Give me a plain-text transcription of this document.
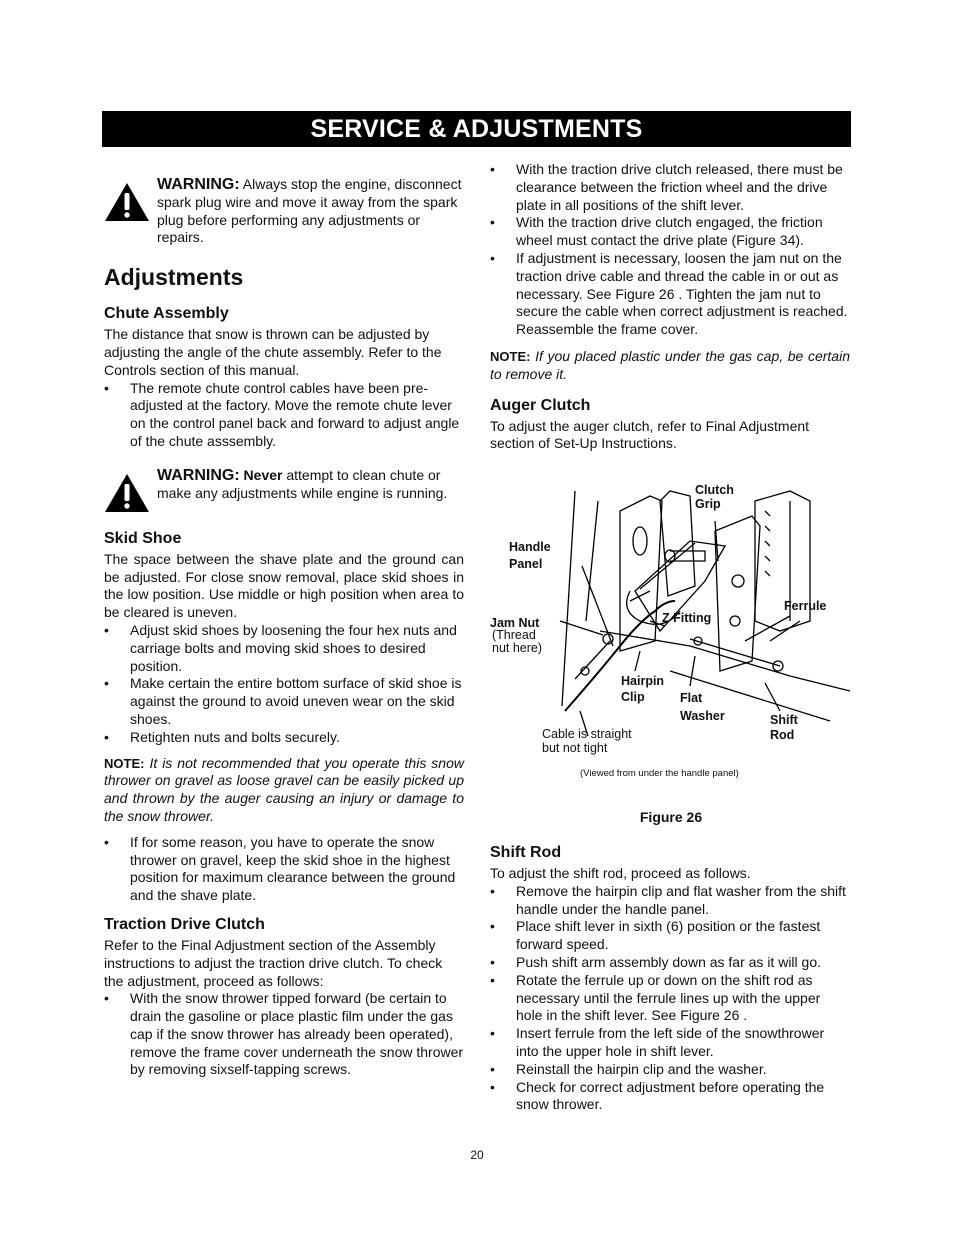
SERVICE & ADJUSTMENTS
WARNING: Always stop the engine, disconnect spark plug wire and move it away from the spark plug before performing any adjustments or repairs.
Adjustments
Chute Assembly

The distance that snow is thrown can be adjusted by adjusting the angle of the chute assembly. Refer to the Controls section of this manual.

• The remote chute control cables have been pre-adjusted at the factory. Move the remote chute lever on the control panel back and forward to adjust angle of the chute asssembly.
WARNING: Never attempt to clean chute or make any adjustments while engine is running.
Skid Shoe

The space between the shave plate and the ground can be adjusted. For close snow removal, place skid shoes in the low position. Use middle or high position when area to be cleared is uneven.

• Adjust skid shoes by loosening the four hex nuts and carriage bolts and moving skid shoes to desired position.
• Make certain the entire bottom surface of skid shoe is against the ground to avoid uneven wear on the skid shoes.
• Retighten nuts and bolts securely.

NOTE: It is not recommended that you operate this snow thrower on gravel as loose gravel can be easily picked up and thrown by the auger causing an injury or damage to the snow thrower.

• If for some reason, you have to operate the snow thrower on gravel, keep the skid shoe in the highest position for maximum clearance between the ground and the shave plate.
Traction Drive Clutch

Refer to the Final Adjustment section of the Assembly instructions to adjust the traction drive clutch. To check the adjustment, proceed as follows:

• With the snow thrower tipped forward (be certain to drain the gasoline or place plastic film under the gas cap if the snow thrower has already been operated), remove the frame cover underneath the snow thrower by removing sixself-tapping screws.
• With the traction drive clutch released, there must be clearance between the friction wheel and the drive plate in all positions of the shift lever.
• With the traction drive clutch engaged, the friction wheel must contact the drive plate (Figure 34).
• If adjustment is necessary, loosen the jam nut on the traction drive cable and thread the cable in or out as necessary. See Figure 26 . Tighten the jam nut to secure the cable when correct adjustment is reached. Reassemble the frame cover.

NOTE: If you placed plastic under the gas cap, be certain to remove it.

Auger Clutch

To adjust the auger clutch, refer to Final Adjustment section of Set-Up Instructions.

Clutch Grip
Handle Panel
Ferrule
Jam Nut
(Thread nut here)
Z Fitting
Hairpin Clip	Flat Washer	Shift Rod
Cable is straight but not tight
(Viewed from under the handle panel)
Figure 26
Shift Rod

To adjust the shift rod, proceed as follows.

• Remove the hairpin clip and flat washer from the shift handle under the handle panel.
• Place shift lever in sixth (6) position or the fastest forward speed.
• Push shift arm assembly down as far as it will go.
• Rotate the ferrule up or down on the shift rod as necessary until the ferrule lines up with the upper hole in the shift lever. See Figure 26 .
• Insert ferrule from the left side of the snowthrower into the upper hole in shift lever.
• Reinstall the hairpin clip and the washer.
• Check for correct adjustment before operating the snow thrower.
20
